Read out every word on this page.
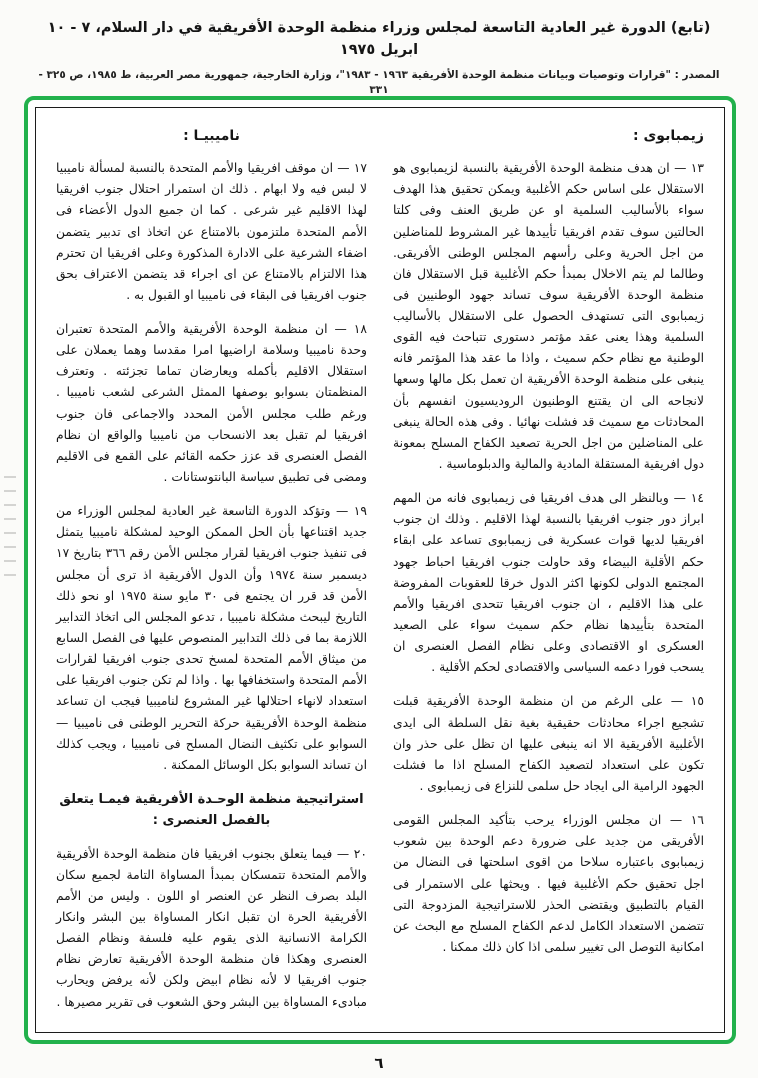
(تابع) الدورة غير العادية التاسعة لمجلس وزراء منظمة الوحدة الأفريقية في دار السلام، ٧ - ١٠ ابريل ١٩٧٥
المصدر : "قرارات وتوصيات وبيانات منظمة الوحدة الأفريقية ١٩٦٣ - ١٩٨٣"، وزارة الخارجية، جمهورية مصر العربية، ط ١٩٨٥، ص ٣٢٥ - ٣٣١
زيمبابوى :

١٣ — ان هدف منظمة الوحدة الأفريقية بالنسبة لزيمبابوى هو الاستقلال على اساس حكم الأغلبية ويمكن تحقيق هذا الهدف سواء بالأساليب السلمية او عن طريق العنف وفى كلتا الحالتين سوف تقدم افريقيا تأييدها غير المشروط للمناضلين من اجل الحرية وعلى رأسهم المجلس الوطنى الأفريقى. وطالما لم يتم الاخلال بمبدأ حكم الأغلبية قبل الاستقلال فان منظمة الوحدة الأفريقية سوف تساند جهود الوطنيين فى زيمبابوى التى تستهدف الحصول على الاستقلال بالأساليب السلمية وهذا يعنى عقد مؤتمر دستورى تتباحث فيه القوى الوطنية مع نظام حكم سميث ، واذا ما عقد هذا المؤتمر فانه ينبغى على منظمة الوحدة الأفريقية ان تعمل بكل مالها وسعها لانجاحه الى ان يقتنع الوطنيون الروديسيون انفسهم بأن المحادثات مع سميث قد فشلت نهائيا . وفى هذه الحالة ينبغى على المناضلين من اجل الحرية تصعيد الكفاح المسلح بمعونة دول افريقية المستقلة المادية والمالية والدبلوماسية .

١٤ — وبالنظر الى هدف افريقيا فى زيمبابوى فانه من المهم ابراز دور جنوب افريقيا بالنسبة لهذا الاقليم . وذلك ان جنوب افريقيا لديها قوات عسكرية فى زيمبابوى تساعد على ابقاء حكم الأقلية البيضاء وقد حاولت جنوب افريقيا احباط جهود المجتمع الدولى لكونها اكثر الدول خرقا للعقوبات المفروضة على هذا الاقليم ، ان جنوب افريقيا تتحدى افريقيا والأمم المتحدة بتأييدها نظام حكم سميث سواء على الصعيد العسكرى او الاقتصادى وعلى نظام الفصل العنصرى ان يسحب فورا دعمه السياسى والاقتصادى لحكم الأقلية .

١٥ — على الرغم من ان منظمة الوحدة الأفريقية قبلت تشجيع اجراء محادثات حقيقية بغية نقل السلطة الى ايدى الأغلبية الأفريقية الا انه ينبغى عليها ان تظل على حذر وان تكون على استعداد لتصعيد الكفاح المسلح اذا ما فشلت الجهود الرامية الى ايجاد حل سلمى للنزاع فى زيمبابوى .

١٦ — ان مجلس الوزراء يرحب بتأكيد المجلس القومى الأفريقى من جديد على ضرورة دعم الوحدة بين شعوب زيمبابوى باعتباره سلاحا من اقوى اسلحتها فى النضال من اجل تحقيق حكم الأغلبية فيها . ويحثها على الاستمرار فى القيام بالتطبيق ويقتضى الحذر للاستراتيجية المزدوجة التى تتضمن الاستعداد الكامل لدعم الكفاح المسلح مع البحث عن امكانية التوصل الى تغيير سلمى اذا كان ذلك ممكنا .

ناميبيـا :

١٧ — ان موقف افريقيا والأمم المتحدة بالنسبة لمسألة ناميبيا لا لبس فيه ولا ابهام . ذلك ان استمرار احتلال جنوب افريقيا لهذا الاقليم غير شرعى . كما ان جميع الدول الأعضاء فى الأمم المتحدة ملتزمون بالامتناع عن اتخاذ اى تدبير يتضمن اضفاء الشرعية على الادارة المذكورة وعلى افريقيا ان تحترم هذا الالتزام بالامتناع عن اى اجراء قد يتضمن الاعتراف بحق جنوب افريقيا فى البقاء فى ناميبيا او القبول به .

١٨ — ان منظمة الوحدة الأفريقية والأمم المتحدة تعتبران وحدة ناميبيا وسلامة اراضيها امرا مقدسا وهما يعملان على استقلال الاقليم بأكمله ويعارضان تماما تجزئته . وتعترف المنظمتان بسوابو بوصفها الممثل الشرعى لشعب ناميبيا . ورغم طلب مجلس الأمن المحدد والاجماعى فان جنوب افريقيا لم تقبل بعد الانسحاب من ناميبيا والواقع ان نظام الفصل العنصرى قد عزز حكمه القائم على القمع فى الاقليم ومضى فى تطبيق سياسة البانتوستانات .

١٩ — وتؤكد الدورة التاسعة غير العادية لمجلس الوزراء من جديد اقتناعها بأن الحل الممكن الوحيد لمشكلة ناميبيا يتمثل فى تنفيذ جنوب افريقيا لقرار مجلس الأمن رقم ٣٦٦ بتاريخ ١٧ ديسمبر سنة ١٩٧٤ وأن الدول الأفريقية اذ ترى أن مجلس الأمن قد قرر ان يجتمع فى ٣٠ مايو سنة ١٩٧٥ او نحو ذلك التاريخ ليبحث مشكلة ناميبيا ، تدعو المجلس الى اتخاذ التدابير اللازمة بما فى ذلك التدابير المنصوص عليها فى الفصل السابع من ميثاق الأمم المتحدة لمسخ تحدى جنوب افريقيا لقرارات الأمم المتحدة واستخفافها بها . واذا لم تكن جنوب افريقيا على استعداد لانهاء احتلالها غير المشروع لناميبيا فيجب ان تساعد منظمة الوحدة الأفريقية حركة التحرير الوطنى فى ناميبيا — السوابو على تكثيف النضال المسلح فى ناميبيا ، ويجب كذلك ان تساند السوابو بكل الوسائل الممكنة .

استراتيجية منظمة الوحـدة الأفريقية فيمـا يتعلق بالفصل العنصرى :

٢٠ — فيما يتعلق بجنوب افريقيا فان منظمة الوحدة الأفريقية والأمم المتحدة تتمسكان بمبدأ المساواة التامة لجميع سكان البلد بصرف النظر عن العنصر او اللون . وليس من الأمم الأفريقية الحرة ان تقبل انكار المساواة بين البشر وانكار الكرامة الانسانية الذى يقوم عليه فلسفة ونظام الفصل العنصرى وهكذا فان منظمة الوحدة الأفريقية تعارض نظام جنوب افريقيا لا لأنه نظام ابيض ولكن لأنه يرفض ويحارب مبادىء المساواة بين البشر وحق الشعوب فى تقرير مصيرها .

٦
